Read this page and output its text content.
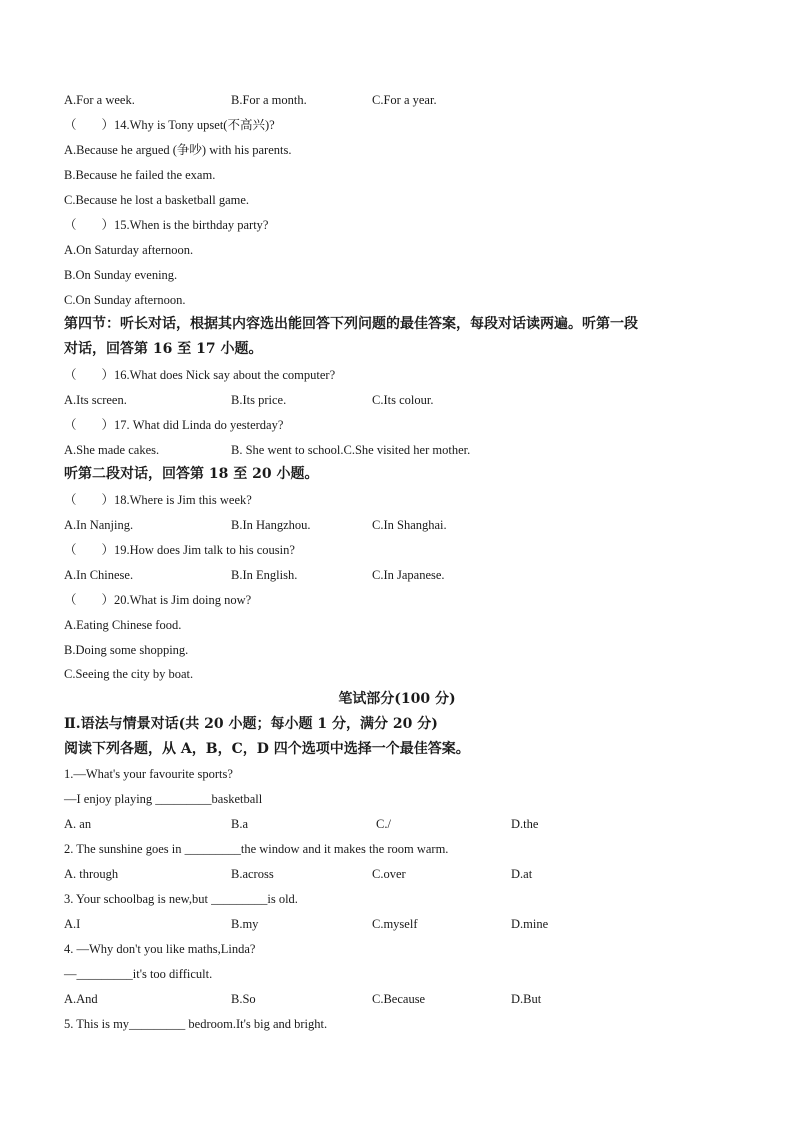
A.For a week.	B.For a month.	C.For a year.
（　　）14.Why is Tony upset(不高兴)?
A.Because he argued (争吵) with his parents.
B.Because he failed the exam.
C.Because he lost a basketball game.
（　　）15.When is the birthday party?
A.On Saturday afternoon.
B.On Sunday evening.
C.On Sunday afternoon.
第四节：听长对话，根据其内容选出能回答下列问题的最佳答案，每段对话读两遍。听第一段
对话，回答第 16 至 17 小题。
（　　）16.What does Nick say about the computer?
A.Its screen.	B.Its price.	C.Its colour.
（　　）17. What did Linda do yesterday?
A.She made cakes.	B. She went to school.C.She visited her mother.
听第二段对话，回答第 18 至 20 小题。
（　　）18.Where is Jim this week?
A.In Nanjing.	B.In Hangzhou.	C.In Shanghai.
（　　）19.How does Jim talk to his cousin?
A.In Chinese.	B.In English.	C.In Japanese.
（　　）20.What is Jim doing now?
A.Eating Chinese food.
B.Doing some shopping.
C.Seeing the city by boat.
笔试部分(100 分)
Ⅱ.语法与情景对话(共 20 小题；每小题 1 分，满分 20 分)
阅读下列各题，从 A，B，C，D 四个选项中选择一个最佳答案。
1.—What's your favourite sports?
—I enjoy playing _________basketball
A. an	B.a	C./	D.the
2. The sunshine goes in _________the window and it makes the room warm.
A. through	B.across	C.over	D.at
3. Your schoolbag is new,but _________is old.
A.I	B.my	C.myself	D.mine
4. —Why don't you like maths,Linda?
—_________it's too difficult.
A.And	B.So	C.Because	D.But
5. This is my_________ bedroom.It's big and bright.
